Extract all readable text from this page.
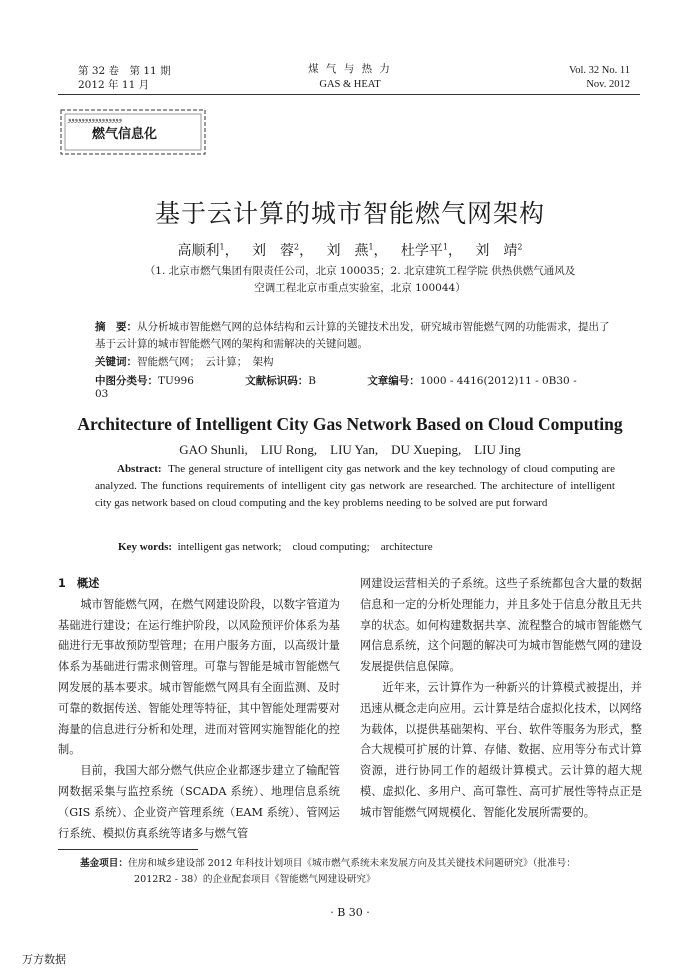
第 32 卷　第 11 期
2012 年 11 月
煤 气 与 热 力
GAS & HEAT
Vol. 32 No. 11
Nov. 2012
ﻭﻭﻭﻭﻭﻭﻭﻭﻭﻭﻭﻭﻭﻭﻭﻭ
燃气信息化
基于云计算的城市智能燃气网架构
高顺利$^1$， 刘　蓉$^2$， 刘　燕$^1$， 杜学平$^1$， 刘　靖$^2$
（1. 北京市燃气集团有限责任公司，北京 100035；2. 北京建筑工程学院 供热供燃气通风及
空调工程北京市重点实验室，北京 100044）
摘　要：从分析城市智能燃气网的总体结构和云计算的关键技术出发，研究城市智能燃气网的功能需求，提出了基于云计算的城市智能燃气网的架构和需解决的关键问题。
关键词：智能燃气网；　云计算；　架构
中图分类号：TU996	文献标识码：B	文章编号：1000 - 4416(2012)11 - 0B30 - 03
Architecture of Intelligent City Gas Network Based on Cloud Computing
GAO Shunli,　LIU Rong,　LIU Yan,　DU Xueping,　LIU Jing
Abstract: The general structure of intelligent city gas network and the key technology of cloud computing are analyzed. The functions requirements of intelligent city gas network are researched. The architecture of intelligent city gas network based on cloud computing and the key problems needing to be solved are put forward
Key words: intelligent gas network;　cloud computing;　architecture

1　概述

城市智能燃气网，在燃气网建设阶段，以数字管道为基础进行建设；在运行维护阶段，以风险预评价体系为基础进行无事故预防型管理；在用户服务方面，以高级计量体系为基础进行需求侧管理。可靠与智能是城市智能燃气网发展的基本要求。城市智能燃气网具有全面监测、及时可靠的数据传送、智能处理等特征，其中智能处理需要对海量的信息进行分析和处理，进而对管网实施智能化的控制。

目前，我国大部分燃气供应企业都逐步建立了输配管网数据采集与监控系统（SCADA 系统）、地理信息系统（GIS 系统）、企业资产管理系统（EAM 系统）、管网运行系统、模拟仿真系统等诸多与燃气管

网建设运营相关的子系统。这些子系统都包含大量的数据信息和一定的分析处理能力，并且多处于信息分散且无共享的状态。如何构建数据共享、流程整合的城市智能燃气网信息系统，这个问题的解决可为城市智能燃气网的建设发展提供信息保障。

近年来，云计算作为一种新兴的计算模式被提出，并迅速从概念走向应用。云计算是结合虚拟化技术，以网络为载体，以提供基础架构、平台、软件等服务为形式，整合大规模可扩展的计算、存储、数据、应用等分布式计算资源，进行协同工作的超级计算模式。云计算的超大规模、虚拟化、多用户、高可靠性、高可扩展性等特点正是城市智能燃气网规模化、智能化发展所需要的。

基金项目：住房和城乡建设部 2012 年科技计划项目《城市燃气系统未来发展方向及其关键技术问题研究》（批准号：
2012R2 - 38）的企业配套项目《智能燃气网建设研究》
· B 30 ·
万方数据
